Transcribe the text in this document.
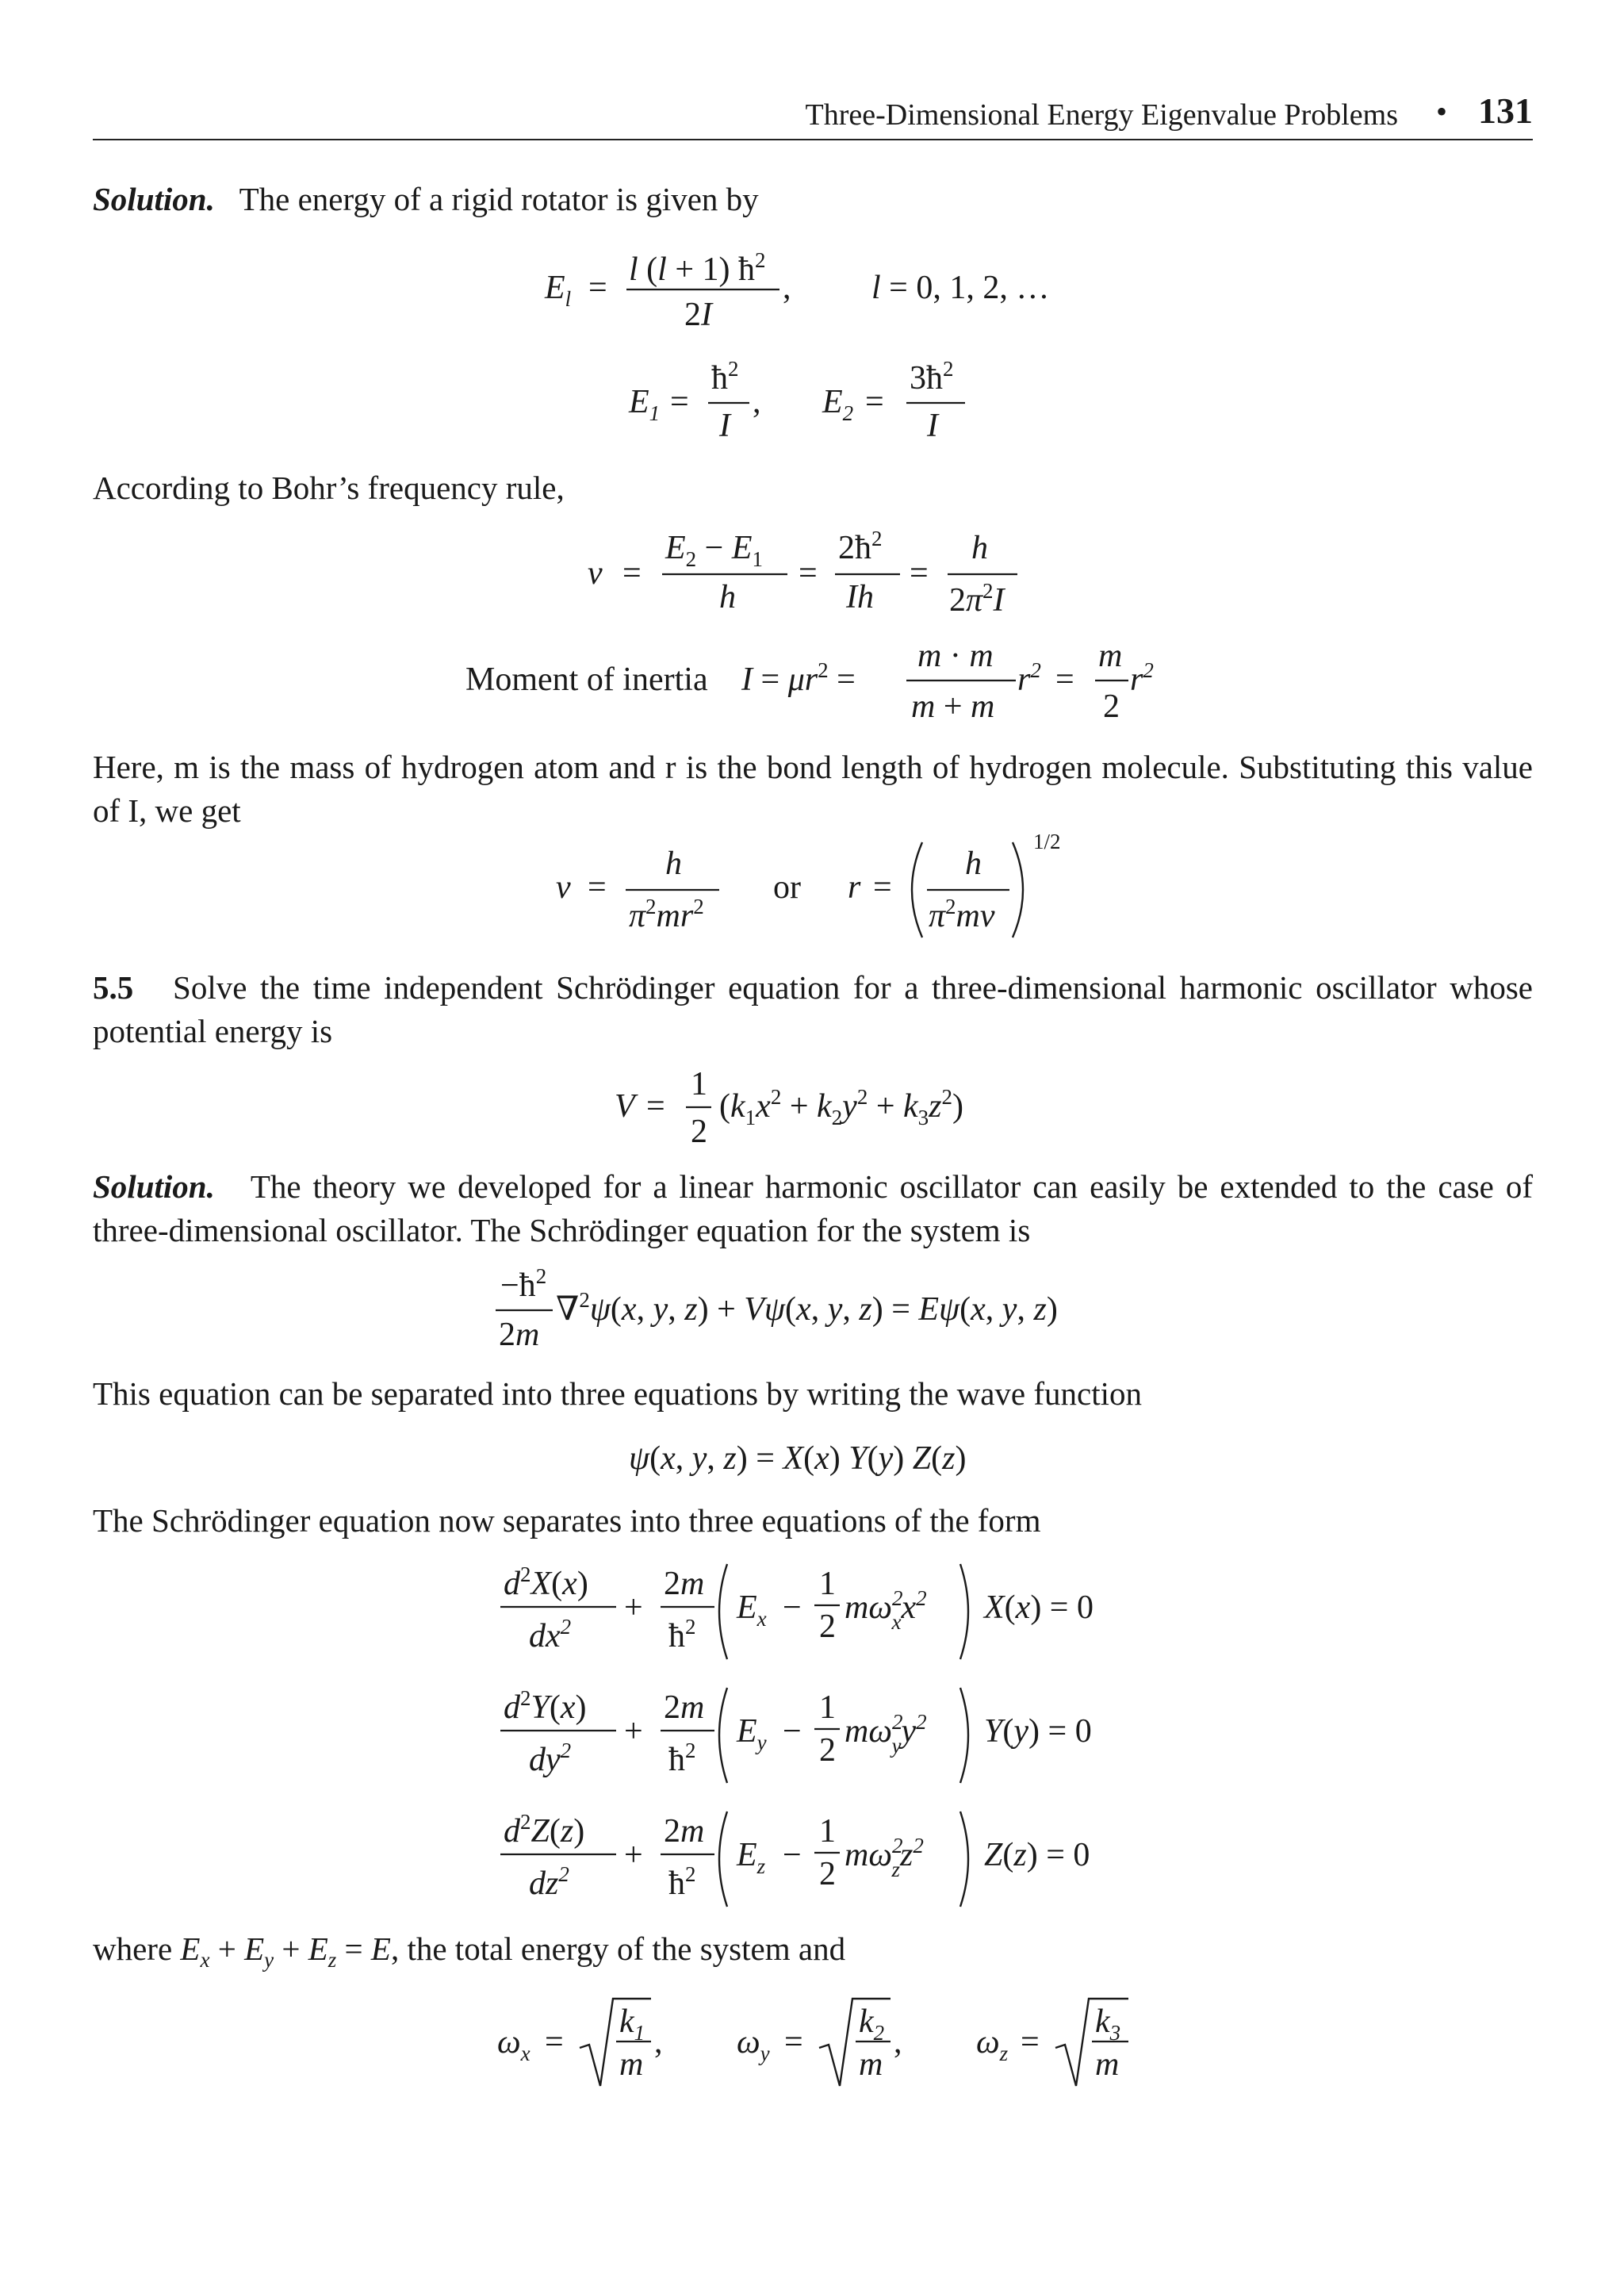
Three-Dimensional Energy Eigenvalue Problems • 131
Solution. The energy of a rigid rotator is given by
$E_l = l$ (l + 1) $ħ^2$
2I
, l = 0, 1, 2, …
$E_1$ =
$ħ^2$
I
, $E_2$ =
$3ħ^2$
I
According to Bohr’s frequency rule,
ν =
$E_2 - E_1$
h
=
$2ħ^2$
Ih
=
h
$2\pi^2I$
Moment of inertia $I = \mu r^2$ =
m · m
m + m
$r^2$ =
m
2
$r^2$
Here, m is the mass of hydrogen atom and r is the bond length of hydrogen molecule. Substituting this value of I, we get
ν =
h
$\pi^2mr^2$
or r =
h
$\pi^2m\nu$
1/2
5.5 Solve the time independent Schrödinger equation for a three-dimensional harmonic oscillator whose potential energy is
V =
1
2
$(k_1x^2 + k_2y^2 + k_3z^2)$
Solution. The theory we developed for a linear harmonic oscillator can easily be extended to the case of three-dimensional oscillator. The Schrödinger equation for the system is
$-ħ^2$
2m
∇$^2$ψ(x, y, z) + Vψ(x, y, z) = Eψ(x, y, z)
This equation can be separated into three equations by writing the wave function
ψ(x, y, z) = X(x) Y(y) Z(z)
The Schrödinger equation now separates into three equations of the form
$d^2X(x)$
$dx^2$
+
2m
$ħ^2$
$E_x$ −
1
2
$m\omega^2$ $xx^2$ X(x) = 0
$d^2Y(x)$
$dy^2$
+
2m
$ħ^2$
$E_y$ −
1
2
$m\omega^2$ $yy^2$ Y(y) = 0
$d^2Z(z)$
$dz^2$
+
2m
$ħ^2$
$E_z$ −
1
2
$m\omega^2$ $zz^2$ Z(z) = 0
where $E_x + E_y + E_z = E$, the total energy of the system and
$\omega_x$ =
$k_1$
m
, $\omega_y$ =
$k_2$
m
, $\omega_z$ =
$k_3$
m
